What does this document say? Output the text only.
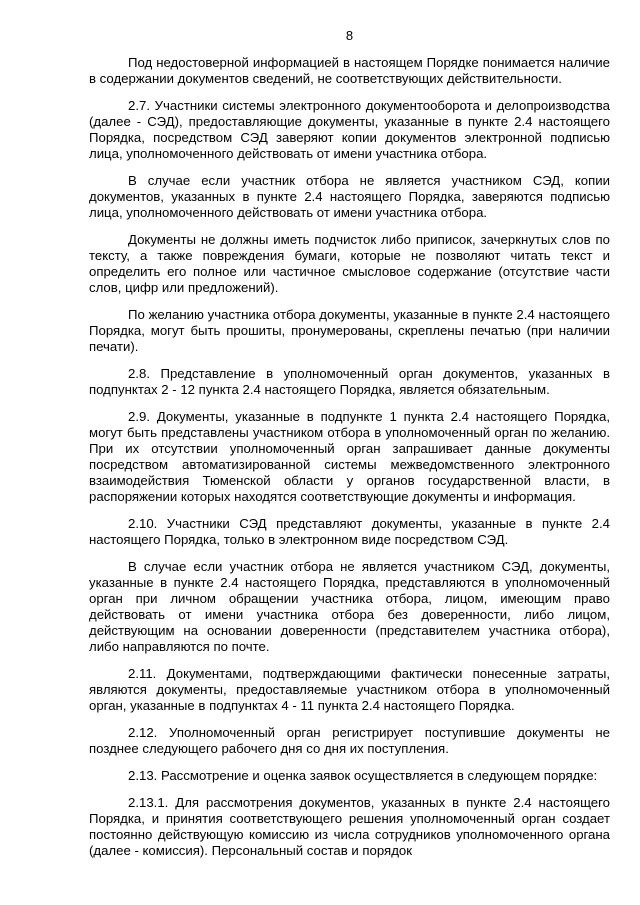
8

Под недостоверной информацией в настоящем Порядке понимается наличие в содержании документов сведений, не соответствующих действительности.

2.7. Участники системы электронного документооборота и делопроизводства (далее - СЭД), предоставляющие документы, указанные в пункте 2.4 настоящего Порядка, посредством СЭД заверяют копии документов электронной подписью лица, уполномоченного действовать от имени участника отбора.

В случае если участник отбора не является участником СЭД, копии документов, указанных в пункте 2.4 настоящего Порядка, заверяются подписью лица, уполномоченного действовать от имени участника отбора.

Документы не должны иметь подчисток либо приписок, зачеркнутых слов по тексту, а также повреждения бумаги, которые не позволяют читать текст и определить его полное или частичное смысловое содержание (отсутствие части слов, цифр или предложений).

По желанию участника отбора документы, указанные в пункте 2.4 настоящего Порядка, могут быть прошиты, пронумерованы, скреплены печатью (при наличии печати).

2.8. Представление в уполномоченный орган документов, указанных в подпунктах 2 - 12 пункта 2.4 настоящего Порядка, является обязательным.

2.9. Документы, указанные в подпункте 1 пункта 2.4 настоящего Порядка, могут быть представлены участником отбора в уполномоченный орган по желанию. При их отсутствии уполномоченный орган запрашивает данные документы посредством автоматизированной системы межведомственного электронного взаимодействия Тюменской области у органов государственной власти, в распоряжении которых находятся соответствующие документы и информация.

2.10. Участники СЭД представляют документы, указанные в пункте 2.4 настоящего Порядка, только в электронном виде посредством СЭД.

В случае если участник отбора не является участником СЭД, документы, указанные в пункте 2.4 настоящего Порядка, представляются в уполномоченный орган при личном обращении участника отбора, лицом, имеющим право действовать от имени участника отбора без доверенности, либо лицом, действующим на основании доверенности (представителем участника отбора), либо направляются по почте.

2.11. Документами, подтверждающими фактически понесенные затраты, являются документы, предоставляемые участником отбора в уполномоченный орган, указанные в подпунктах 4 - 11 пункта 2.4 настоящего Порядка.

2.12. Уполномоченный орган регистрирует поступившие документы не позднее следующего рабочего дня со дня их поступления.

2.13. Рассмотрение и оценка заявок осуществляется в следующем порядке:

2.13.1. Для рассмотрения документов, указанных в пункте 2.4 настоящего Порядка, и принятия соответствующего решения уполномоченный орган создает постоянно действующую комиссию из числа сотрудников уполномоченного органа (далее - комиссия). Персональный состав и порядок
